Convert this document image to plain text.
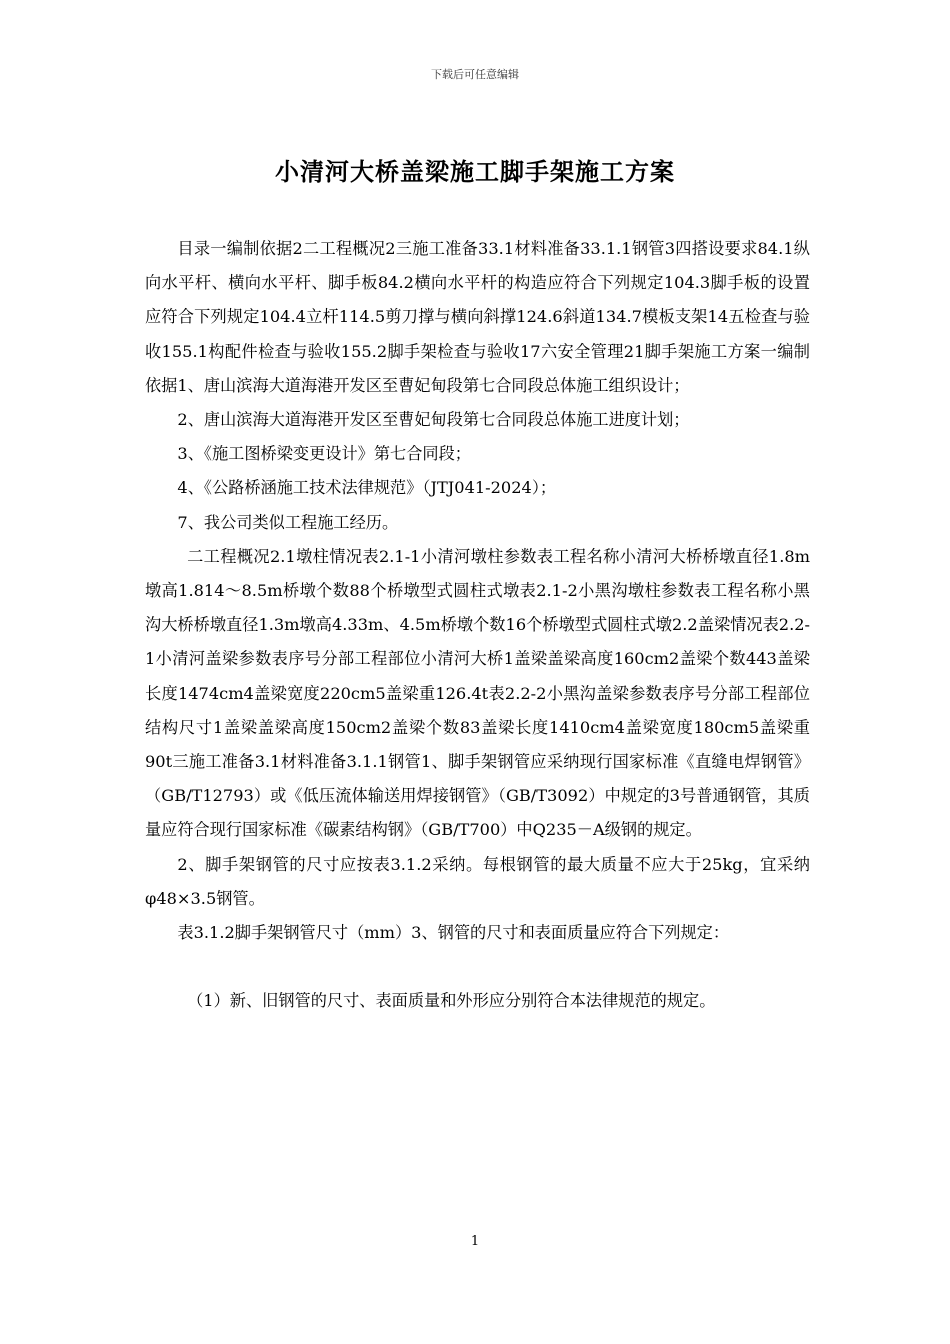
下载后可任意编辑
小清河大桥盖梁施工脚手架施工方案

目录一编制依据2二工程概况2三施工准备33.1材料准备33.1.1钢管3四搭设要求84.1纵向水平杆、横向水平杆、脚手板84.2横向水平杆的构造应符合下列规定104.3脚手板的设置应符合下列规定104.4立杆114.5剪刀撑与横向斜撑124.6斜道134.7模板支架14五检查与验收155.1构配件检查与验收155.2脚手架检查与验收17六安全管理21脚手架施工方案一编制依据1、唐山滨海大道海港开发区至曹妃甸段第七合同段总体施工组织设计；

2、唐山滨海大道海港开发区至曹妃甸段第七合同段总体施工进度计划；

3、《施工图桥梁变更设计》第七合同段；

4、《公路桥涵施工技术法律规范》（JTJ041-2024）；

7、我公司类似工程施工经历。

二工程概况2.1墩柱情况表2.1-1小清河墩柱参数表工程名称小清河大桥桥墩直径1.8m墩高1.814～8.5m桥墩个数88个桥墩型式圆柱式墩表2.1-2小黑沟墩柱参数表工程名称小黑沟大桥桥墩直径1.3m墩高4.33m、4.5m桥墩个数16个桥墩型式圆柱式墩2.2盖梁情况表2.2-1小清河盖梁参数表序号分部工程部位小清河大桥1盖梁盖梁高度160cm2盖梁个数443盖梁长度1474cm4盖梁宽度220cm5盖梁重126.4t表2.2-2小黑沟盖梁参数表序号分部工程部位结构尺寸1盖梁盖梁高度150cm2盖梁个数83盖梁长度1410cm4盖梁宽度180cm5盖梁重90t三施工准备3.1材料准备3.1.1钢管1、脚手架钢管应采纳现行国家标准《直缝电焊钢管》（GB/T12793）或《低压流体输送用焊接钢管》（GB/T3092）中规定的3号普通钢管，其质量应符合现行国家标准《碳素结构钢》（GB/T700）中Q235－A级钢的规定。

2、脚手架钢管的尺寸应按表3.1.2采纳。每根钢管的最大质量不应大于25kg，宜采纳φ48×3.5钢管。

表3.1.2脚手架钢管尺寸（mm）3、钢管的尺寸和表面质量应符合下列规定：

（1）新、旧钢管的尺寸、表面质量和外形应分别符合本法律规范的规定。

1
